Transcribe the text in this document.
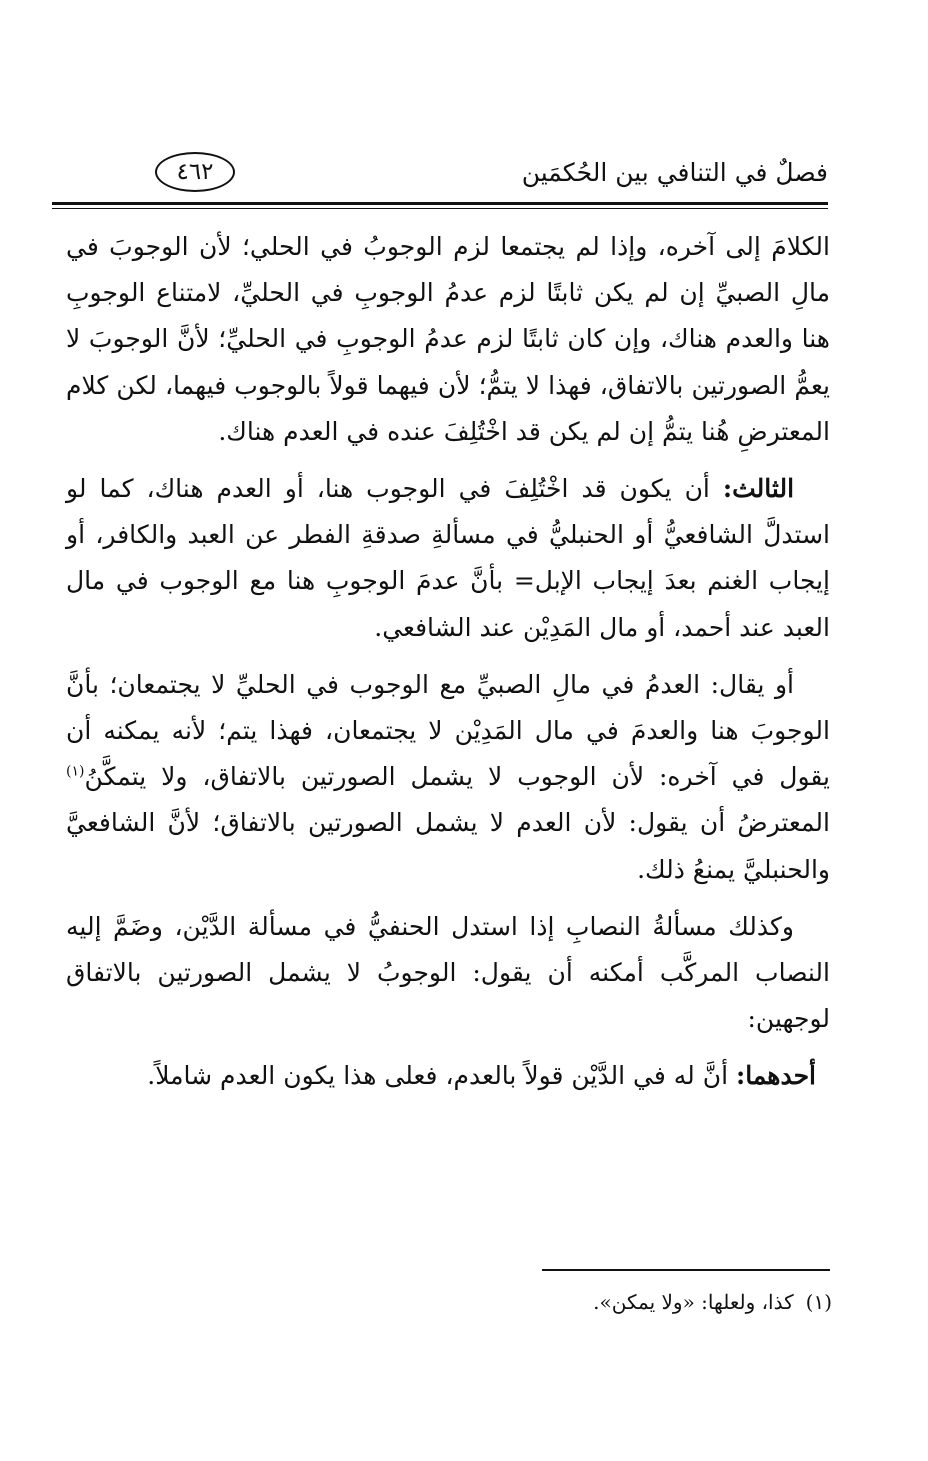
فصلٌ في التنافي بين الحُكمَين
٤٦٢

الكلامَ إلى آخره، وإذا لم يجتمعا لزم الوجوبُ في الحلي؛ لأن الوجوبَ في مالِ الصبيِّ إن لم يكن ثابتًا لزم عدمُ الوجوبِ في الحليِّ، لامتناع الوجوبِ هنا والعدم هناك، وإن كان ثابتًا لزم عدمُ الوجوبِ في الحليِّ؛ لأنَّ الوجوبَ لا يعمُّ الصورتين بالاتفاق، فهذا لا يتمُّ؛ لأن فيهما قولاً بالوجوب فيهما، لكن كلام المعترضِ هُنا يتمُّ إن لم يكن قد اخْتُلِفَ عنده في العدم هناك.

الثالث: أن يكون قد اخْتُلِفَ في الوجوب هنا، أو العدم هناك، كما لو استدلَّ الشافعيُّ أو الحنبليُّ في مسألةِ صدقةِ الفطر عن العبد والكافر، أو إيجاب الغنم بعدَ إيجاب الإبل= بأنَّ عدمَ الوجوبِ هنا مع الوجوب في مال العبد عند أحمد، أو مال المَدِيْن عند الشافعي.

أو يقال: العدمُ في مالِ الصبيِّ مع الوجوب في الحليِّ لا يجتمعان؛ بأنَّ الوجوبَ هنا والعدمَ في مال المَدِيْن لا يجتمعان، فهذا يتم؛ لأنه يمكنه أن يقول في آخره: لأن الوجوب لا يشمل الصورتين بالاتفاق، ولا يتمكَّنُ$^{(١)}$ المعترضُ أن يقول: لأن العدم لا يشمل الصورتين بالاتفاق؛ لأنَّ الشافعيَّ والحنبليَّ يمنعُ ذلك.

وكذلك مسألةُ النصابِ إذا استدل الحنفيُّ في مسألة الدَّيْن، وضَمَّ إليه النصاب المركَّب أمكنه أن يقول: الوجوبُ لا يشمل الصورتين بالاتفاق لوجهين:

أحدهما: أنَّ له في الدَّيْن قولاً بالعدم، فعلى هذا يكون العدم شاملاً.

(١)كذا، ولعلها: «ولا يمكن».
